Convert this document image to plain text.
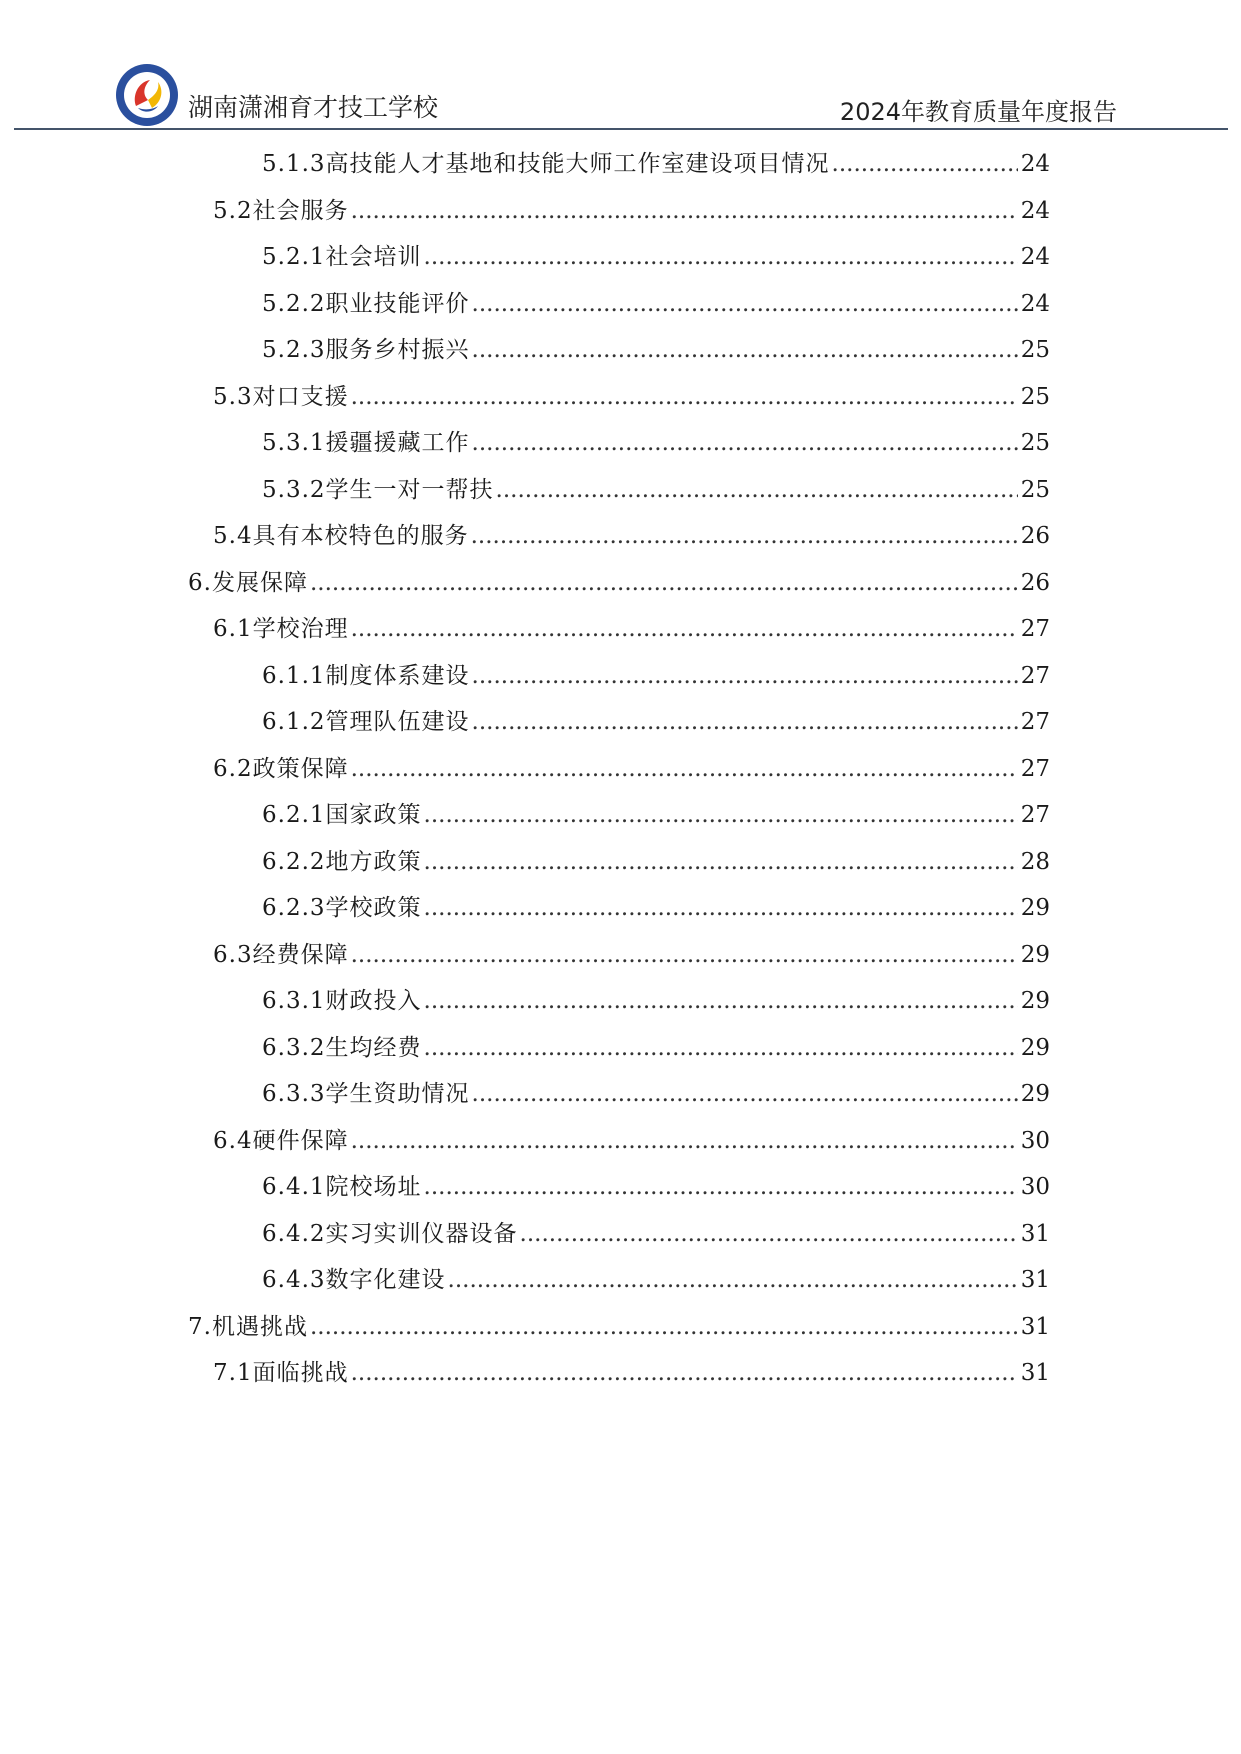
湖南潇湘育才技工学校	2024年教育质量年度报告
5.1.3高技能人才基地和技能大师工作室建设项目情况 .....	24
5.2社会服务 .....	24
5.2.1社会培训 .....	24
5.2.2职业技能评价 .....	24
5.2.3服务乡村振兴 .....	25
5.3对口支援 .....	25
5.3.1援疆援藏工作 .....	25
5.3.2学生一对一帮扶 .....	25
5.4具有本校特色的服务 .....	26
6.发展保障 .....	26
6.1学校治理 .....	27
6.1.1制度体系建设 .....	27
6.1.2管理队伍建设 .....	27
6.2政策保障 .....	27
6.2.1国家政策 .....	27
6.2.2地方政策 .....	28
6.2.3学校政策 .....	29
6.3经费保障 .....	29
6.3.1财政投入 .....	29
6.3.2生均经费 .....	29
6.3.3学生资助情况 .....	29
6.4硬件保障 .....	30
6.4.1院校场址 .....	30
6.4.2实习实训仪器设备 .....	31
6.4.3数字化建设 .....	31
7.机遇挑战 .....	31
7.1面临挑战 .....	31
